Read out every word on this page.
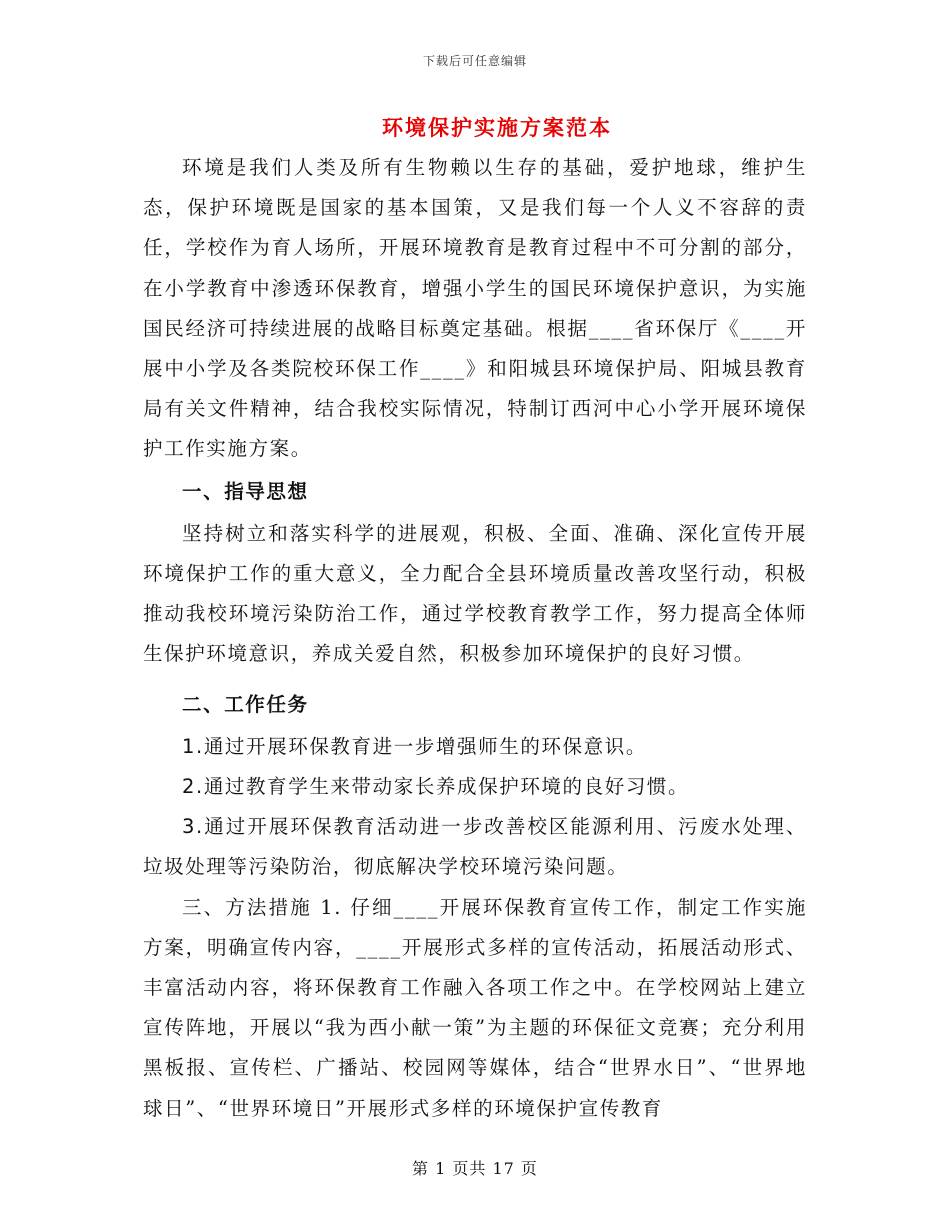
下载后可任意编辑
环境保护实施方案范本

环境是我们人类及所有生物赖以生存的基础，爱护地球，维护生态，保护环境既是国家的基本国策，又是我们每一个人义不容辞的责任，学校作为育人场所，开展环境教育是教育过程中不可分割的部分，在小学教育中渗透环保教育，增强小学生的国民环境保护意识，为实施国民经济可持续进展的战略目标奠定基础。根据____省环保厅《____开展中小学及各类院校环保工作____》和阳城县环境保护局、阳城县教育局有关文件精神，结合我校实际情况，特制订西河中心小学开展环境保护工作实施方案。

一、指导思想

坚持树立和落实科学的进展观，积极、全面、准确、深化宣传开展环境保护工作的重大意义，全力配合全县环境质量改善攻坚行动，积极推动我校环境污染防治工作，通过学校教育教学工作，努力提高全体师生保护环境意识，养成关爱自然，积极参加环境保护的良好习惯。

二、工作任务

1.通过开展环保教育进一步增强师生的环保意识。

2.通过教育学生来带动家长养成保护环境的良好习惯。

3.通过开展环保教育活动进一步改善校区能源利用、污废水处理、垃圾处理等污染防治，彻底解决学校环境污染问题。

三、方法措施 1. 仔细____开展环保教育宣传工作，制定工作实施方案，明确宣传内容，____开展形式多样的宣传活动，拓展活动形式、丰富活动内容，将环保教育工作融入各项工作之中。在学校网站上建立宣传阵地，开展以“我为西小献一策”为主题的环保征文竞赛；充分利用黑板报、宣传栏、广播站、校园网等媒体，结合“世界水日”、“世界地球日”、“世界环境日”开展形式多样的环境保护宣传教育

第 1 页共 17 页
